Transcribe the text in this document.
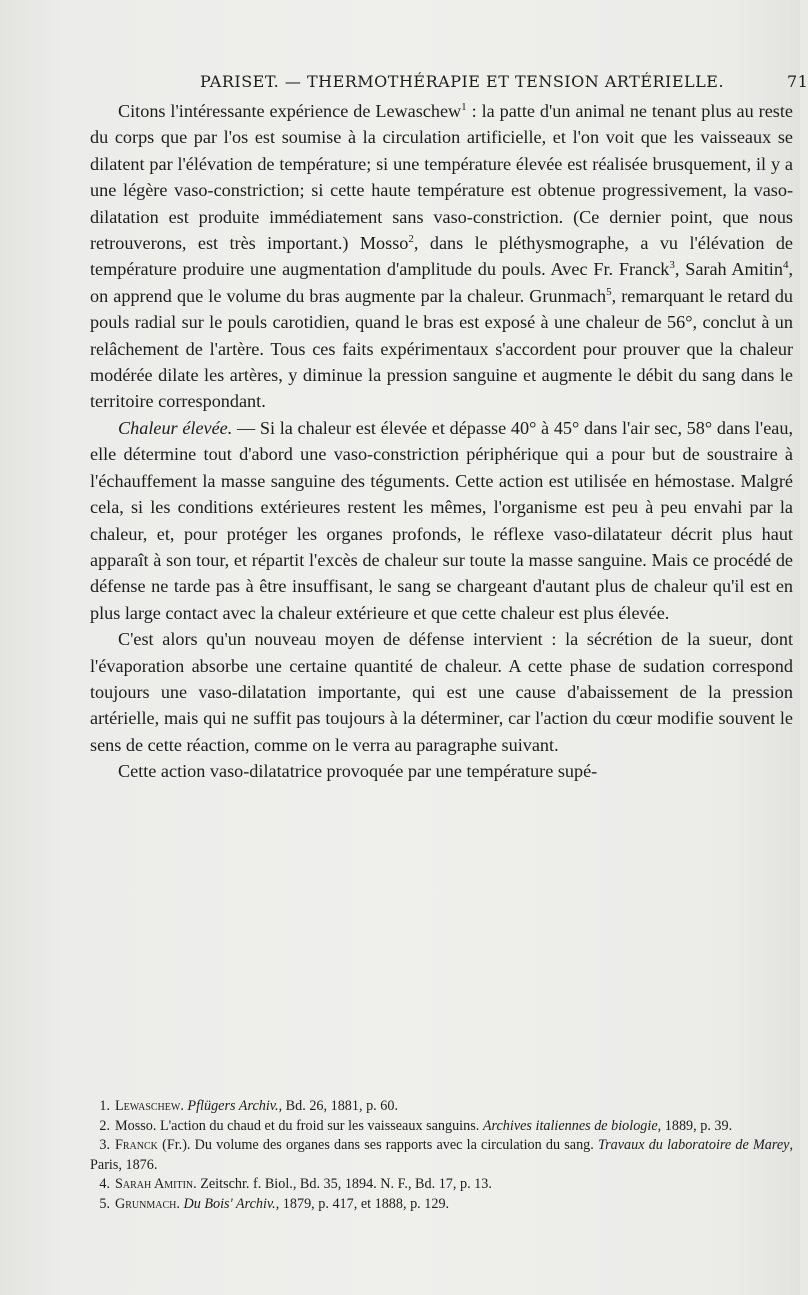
PARISET. — THERMOTHÉRAPIE ET TENSION ARTÉRIELLE.	71

Citons l'intéressante expérience de Lewaschew$^1$ : la patte d'un animal ne tenant plus au reste du corps que par l'os est soumise à la circulation artificielle, et l'on voit que les vaisseaux se dilatent par l'élévation de température; si une température élevée est réalisée brusquement, il y a une légère vaso-constriction; si cette haute température est obtenue progressivement, la vaso-dilatation est produite immédiatement sans vaso-constriction. (Ce dernier point, que nous retrouverons, est très important.) Mosso$^2$, dans le pléthysmographe, a vu l'élévation de température produire une augmentation d'amplitude du pouls. Avec Fr. Franck$^3$, Sarah Amitin$^4$, on apprend que le volume du bras augmente par la chaleur. Grunmach$^5$, remarquant le retard du pouls radial sur le pouls carotidien, quand le bras est exposé à une chaleur de 56°, conclut à un relâchement de l'artère. Tous ces faits expérimentaux s'accordent pour prouver que la chaleur modérée dilate les artères, y diminue la pression sanguine et augmente le débit du sang dans le territoire correspondant.

Chaleur élevée. — Si la chaleur est élevée et dépasse 40° à 45° dans l'air sec, 58° dans l'eau, elle détermine tout d'abord une vaso-constriction périphérique qui a pour but de soustraire à l'échauffement la masse sanguine des téguments. Cette action est utilisée en hémostase. Malgré cela, si les conditions extérieures restent les mêmes, l'organisme est peu à peu envahi par la chaleur, et, pour protéger les organes profonds, le réflexe vaso-dilatateur décrit plus haut apparaît à son tour, et répartit l'excès de chaleur sur toute la masse sanguine. Mais ce procédé de défense ne tarde pas à être insuffisant, le sang se chargeant d'autant plus de chaleur qu'il est en plus large contact avec la chaleur extérieure et que cette chaleur est plus élevée.

C'est alors qu'un nouveau moyen de défense intervient : la sécrétion de la sueur, dont l'évaporation absorbe une certaine quantité de chaleur. A cette phase de sudation correspond toujours une vaso-dilatation importante, qui est une cause d'abaissement de la pression artérielle, mais qui ne suffit pas toujours à la déterminer, car l'action du cœur modifie souvent le sens de cette réaction, comme on le verra au paragraphe suivant.

Cette action vaso-dilatatrice provoquée par une température supé-

1. Lewaschew. Pflügers Archiv., Bd. 26, 1881, p. 60.

2. Mosso. L'action du chaud et du froid sur les vaisseaux sanguins. Archives italiennes de biologie, 1889, p. 39.

3. Franck (Fr.). Du volume des organes dans ses rapports avec la circulation du sang. Travaux du laboratoire de Marey, Paris, 1876.

4. Sarah Amitin. Zeitschr. f. Biol., Bd. 35, 1894. N. F., Bd. 17, p. 13.

5. Grunmach. Du Bois' Archiv., 1879, p. 417, et 1888, p. 129.
